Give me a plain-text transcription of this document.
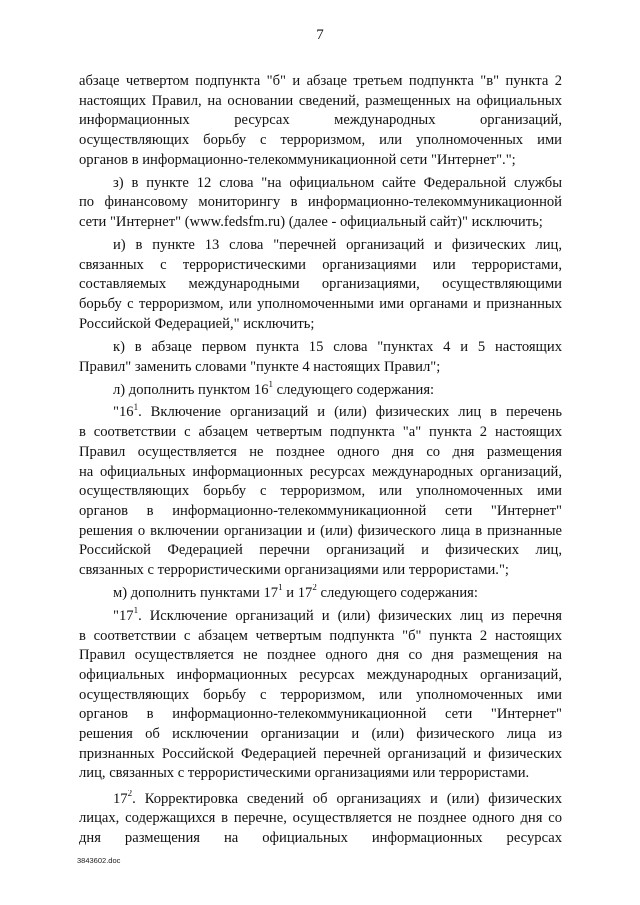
7
абзаце четвертом подпункта "б" и абзаце третьем подпункта "в" пункта 2
настоящих Правил, на основании сведений, размещенных на официальных
информационных ресурсах международных организаций,
осуществляющих борьбу с терроризмом, или уполномоченных ими
органов в информационно-телекоммуникационной сети "Интернет".";
з) в пункте 12 слова "на официальном сайте Федеральной службы
по финансовому мониторингу в информационно-телекоммуникационной
сети "Интернет" (www.fedsfm.ru) (далее - официальный сайт)" исключить;
и) в пункте 13 слова "перечней организаций и физических лиц,
связанных с террористическими организациями или террористами,
составляемых международными организациями, осуществляющими
борьбу с терроризмом, или уполномоченными ими органами и признанных
Российской Федерацией," исключить;
к) в абзаце первом пункта 15 слова "пунктах 4 и 5 настоящих
Правил" заменить словами "пункте 4 настоящих Правил";
л) дополнить пунктом $16^1$ следующего содержания:
"$16^1$. Включение организаций и (или) физических лиц в перечень
в соответствии с абзацем четвертым подпункта "а" пункта 2 настоящих
Правил осуществляется не позднее одного дня со дня размещения
на официальных информационных ресурсах международных организаций,
осуществляющих борьбу с терроризмом, или уполномоченных ими
органов в информационно-телекоммуникационной сети "Интернет"
решения о включении организации и (или) физического лица в признанные
Российской Федерацией перечни организаций и физических лиц,
связанных с террористическими организациями или террористами.";
м) дополнить пунктами $17^1$ и $17^2$ следующего содержания:
"$17^1$. Исключение организаций и (или) физических лиц из перечня
в соответствии с абзацем четвертым подпункта "б" пункта 2 настоящих
Правил осуществляется не позднее одного дня со дня размещения на
официальных информационных ресурсах международных организаций,
осуществляющих борьбу с терроризмом, или уполномоченных ими
органов в информационно-телекоммуникационной сети "Интернет"
решения об исключении организации и (или) физического лица из
признанных Российской Федерацией перечней организаций и физических
лиц, связанных с террористическими организациями или террористами.
$17^2$. Корректировка сведений об организациях и (или) физических
лицах, содержащихся в перечне, осуществляется не позднее одного дня со
дня размещения на официальных информационных ресурсах
3843602.doc
